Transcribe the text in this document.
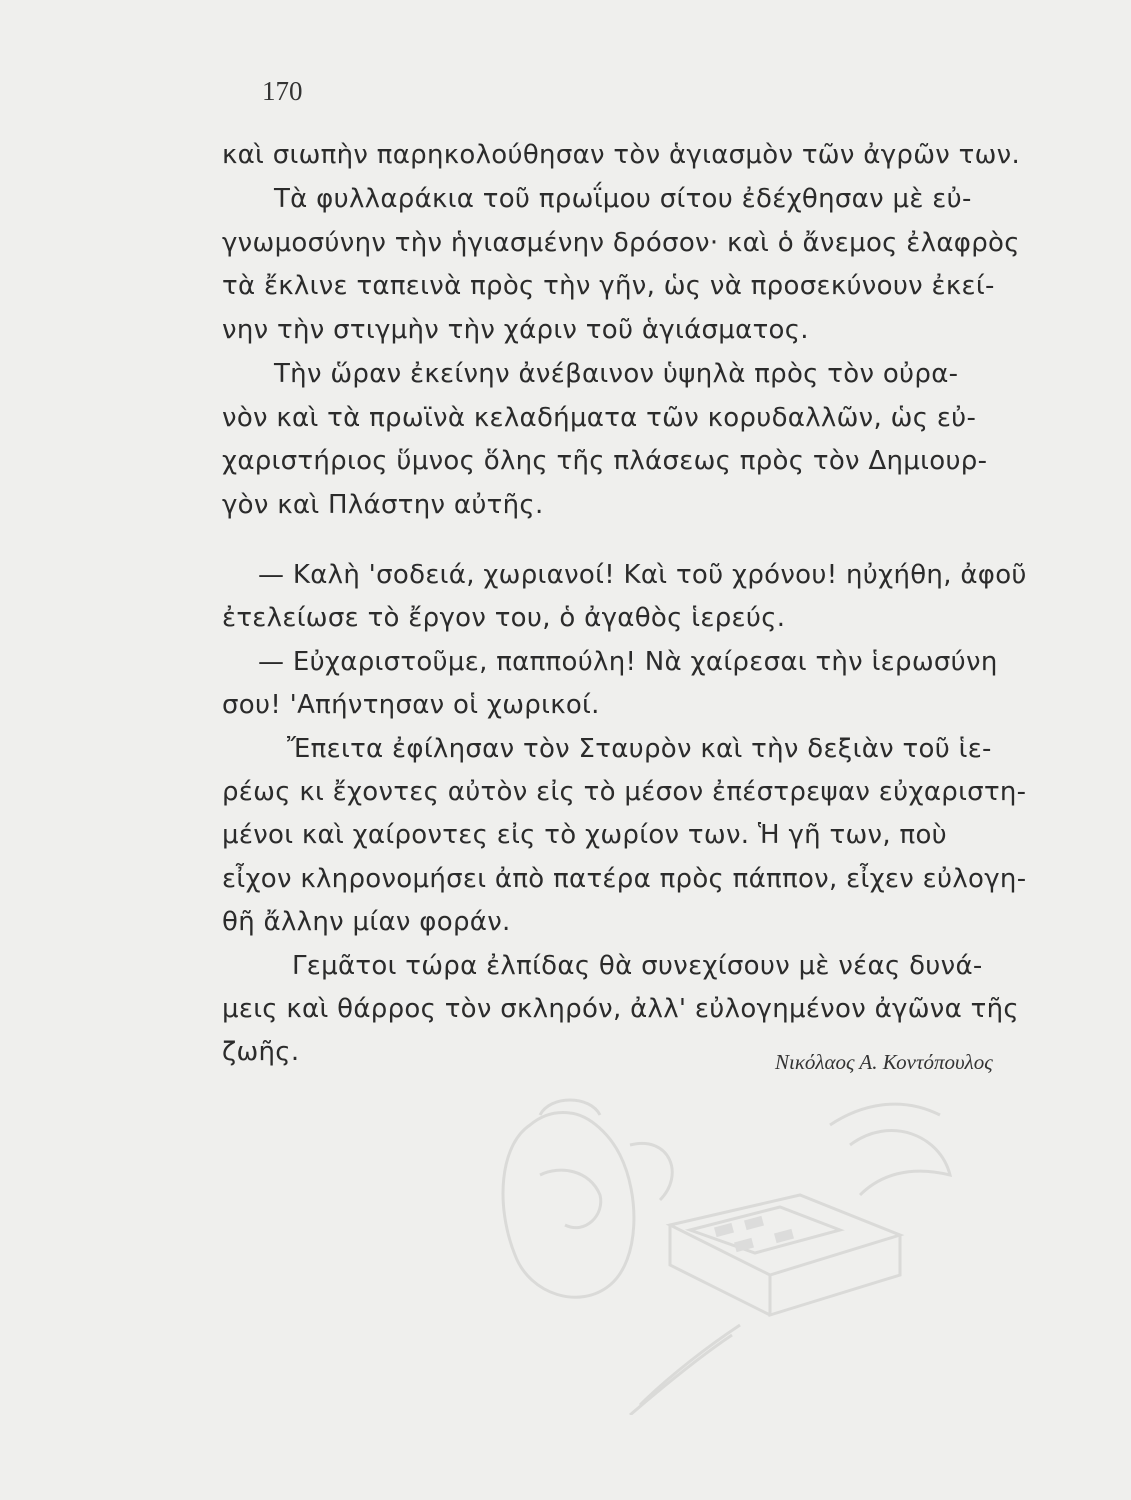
170
καὶ σιωπὴν παρηκολούθησαν τὸν ἁγιασμὸν τῶν ἀγρῶν των.
Τὰ φυλλαράκια τοῦ πρωΐμου σίτου ἐδέχθησαν μὲ εὐ-
γνωμοσύνην τὴν ἡγιασμένην δρόσον· καὶ ὁ ἄνεμος ἐλαφρὸς
τὰ ἔκλινε ταπεινὰ πρὸς τὴν γῆν, ὡς νὰ προσεκύνουν ἐκεί-
νην τὴν στιγμὴν τὴν χάριν τοῦ ἁγιάσματος.
Τὴν ὥραν ἐκείνην ἀνέβαινον ὑψηλὰ πρὸς τὸν οὐρα-
νὸν καὶ τὰ πρωϊνὰ κελαδήματα τῶν κορυδαλλῶν, ὡς εὐ-
χαριστήριος ὕμνος ὅλης τῆς πλάσεως πρὸς τὸν Δημιουρ-
γὸν καὶ Πλάστην αὐτῆς.
— Καλὴ 'σοδειά, χωριανοί! Καὶ τοῦ χρόνου! ηὐχήθη, ἀφοῦ
ἐτελείωσε τὸ ἔργον του, ὁ ἀγαθὸς ἱερεύς.
— Εὐχαριστοῦμε, παππούλη! Νὰ χαίρεσαι τὴν ἱερωσύνη
σου! 'Απήντησαν οἱ χωρικοί.
Ἔπειτα ἐφίλησαν τὸν Σταυρὸν καὶ τὴν δεξιὰν τοῦ ἱε-
ρέως κι ἔχοντες αὐτὸν εἰς τὸ μέσον ἐπέστρεψαν εὐχαριστη-
μένοι καὶ χαίροντες εἰς τὸ χωρίον των. Ἡ γῆ των, ποὺ
εἶχον κληρονομήσει ἀπὸ πατέρα πρὸς πάππον, εἶχεν εὐλογη-
θῆ ἄλλην μίαν φοράν.
Γεμᾶτοι τώρα ἐλπίδας θὰ συνεχίσουν μὲ νέας δυνά-
μεις καὶ θάρρος τὸν σκληρόν, ἀλλ' εὐλογημένον ἀγῶνα τῆς
ζωῆς.	Νικόλαος Α. Κοντόπουλος
